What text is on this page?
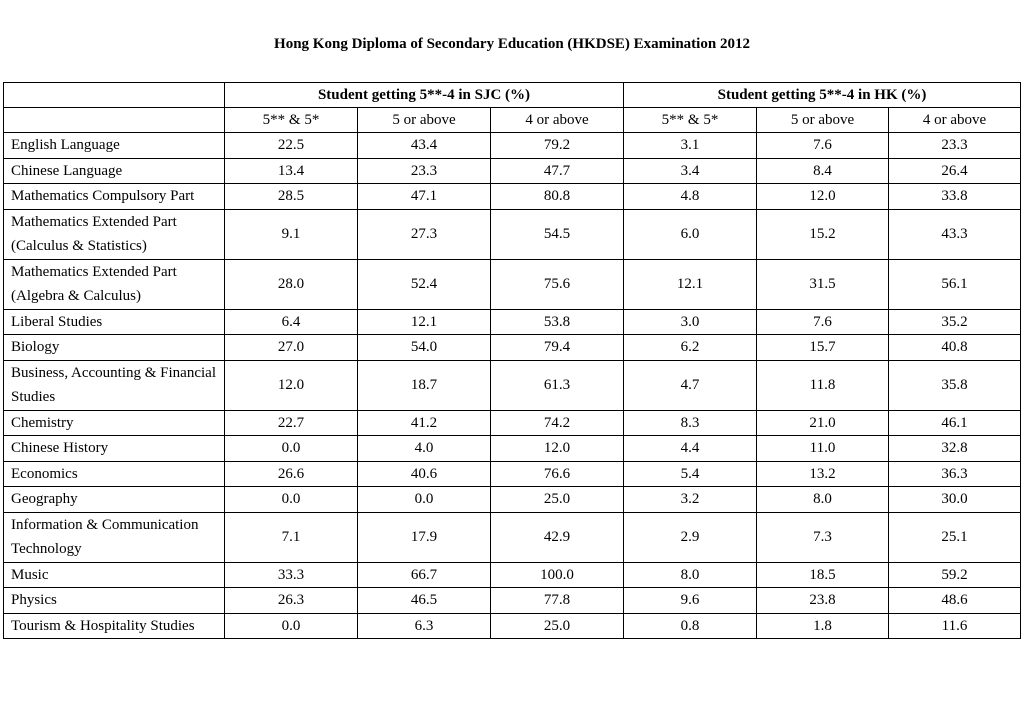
Hong Kong Diploma of Secondary Education (HKDSE) Examination 2012
	Student getting 5**-4 in SJC (%)			Student getting 5**-4 in HK (%)		
	5** & 5*	5 or above	4 or above	5** & 5*	5 or above	4 or above
English Language	22.5	43.4	79.2	3.1	7.6	23.3
Chinese Language	13.4	23.3	47.7	3.4	8.4	26.4
Mathematics Compulsory Part	28.5	47.1	80.8	4.8	12.0	33.8
Mathematics Extended Part (Calculus & Statistics)	9.1	27.3	54.5	6.0	15.2	43.3
Mathematics Extended Part (Algebra & Calculus)	28.0	52.4	75.6	12.1	31.5	56.1
Liberal Studies	6.4	12.1	53.8	3.0	7.6	35.2
Biology	27.0	54.0	79.4	6.2	15.7	40.8
Business, Accounting & Financial Studies	12.0	18.7	61.3	4.7	11.8	35.8
Chemistry	22.7	41.2	74.2	8.3	21.0	46.1
Chinese History	0.0	4.0	12.0	4.4	11.0	32.8
Economics	26.6	40.6	76.6	5.4	13.2	36.3
Geography	0.0	0.0	25.0	3.2	8.0	30.0
Information & Communication Technology	7.1	17.9	42.9	2.9	7.3	25.1
Music	33.3	66.7	100.0	8.0	18.5	59.2
Physics	26.3	46.5	77.8	9.6	23.8	48.6
Tourism & Hospitality Studies	0.0	6.3	25.0	0.8	1.8	11.6
